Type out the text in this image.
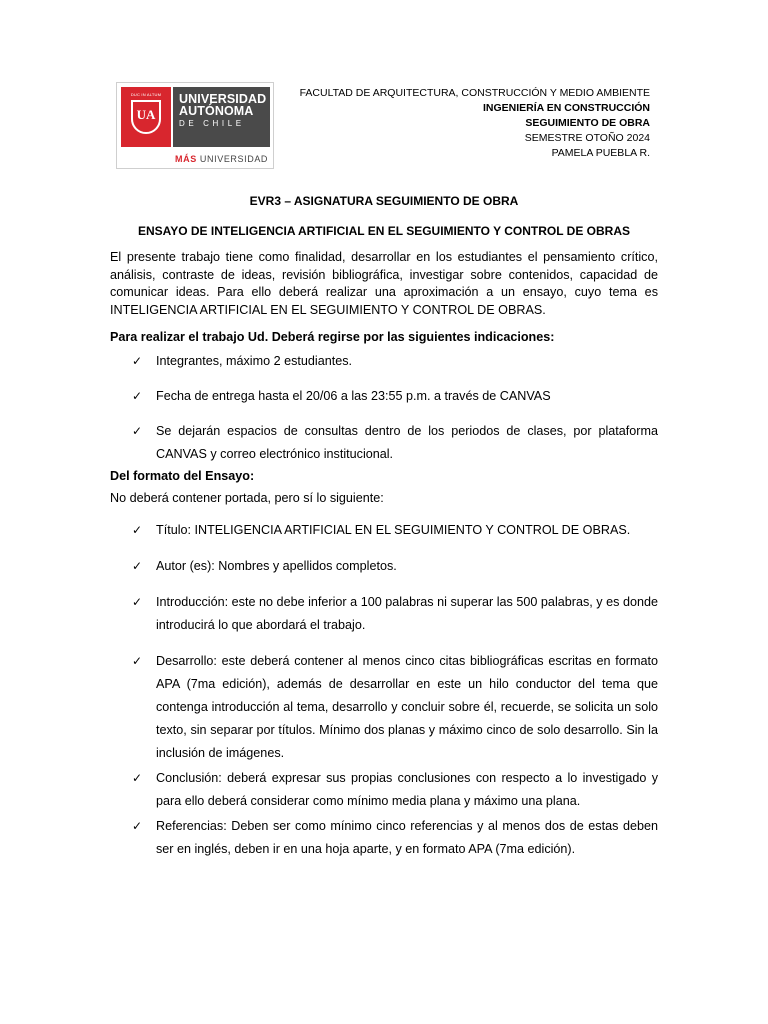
DUC IN ALTUM
UA
UNIVERSIDAD
AUTÓNOMA
DE CHILE
MÁS UNIVERSIDAD
FACULTAD DE ARQUITECTURA, CONSTRUCCIÓN Y MEDIO AMBIENTE
INGENIERÍA EN CONSTRUCCIÓN
SEGUIMIENTO DE OBRA
SEMESTRE OTOÑO 2024
PAMELA PUEBLA R.
EVR3 – ASIGNATURA SEGUIMIENTO DE OBRA
ENSAYO DE INTELIGENCIA ARTIFICIAL EN EL SEGUIMIENTO Y CONTROL DE OBRAS
El presente trabajo tiene como finalidad, desarrollar en los estudiantes el pensamiento crítico, análisis, contraste de ideas, revisión bibliográfica, investigar sobre contenidos, capacidad de comunicar ideas. Para ello deberá realizar una aproximación a un ensayo, cuyo tema es INTELIGENCIA ARTIFICIAL EN EL SEGUIMIENTO Y CONTROL DE OBRAS.
Para realizar el trabajo Ud. Deberá regirse por las siguientes indicaciones:
✓ Integrantes, máximo 2 estudiantes.
✓ Fecha de entrega hasta el 20/06 a las 23:55 p.m. a través de CANVAS
✓ Se dejarán espacios de consultas dentro de los periodos de clases, por plataforma CANVAS y correo electrónico institucional.
Del formato del Ensayo:
No deberá contener portada, pero sí lo siguiente:
✓ Título: INTELIGENCIA ARTIFICIAL EN EL SEGUIMIENTO Y CONTROL DE OBRAS.
✓ Autor (es): Nombres y apellidos completos.
✓ Introducción: este no debe inferior a 100 palabras ni superar las 500 palabras, y es donde introducirá lo que abordará el trabajo.
✓ Desarrollo: este deberá contener al menos cinco citas bibliográficas escritas en formato APA (7ma edición), además de desarrollar en este un hilo conductor del tema que contenga introducción al tema, desarrollo y concluir sobre él, recuerde, se solicita un solo texto, sin separar por títulos. Mínimo dos planas y máximo cinco de solo desarrollo. Sin la inclusión de imágenes.
✓ Conclusión: deberá expresar sus propias conclusiones con respecto a lo investigado y para ello deberá considerar como mínimo media plana y máximo una plana.
✓ Referencias: Deben ser como mínimo cinco referencias y al menos dos de estas deben ser en inglés, deben ir en una hoja aparte, y en formato APA (7ma edición).
